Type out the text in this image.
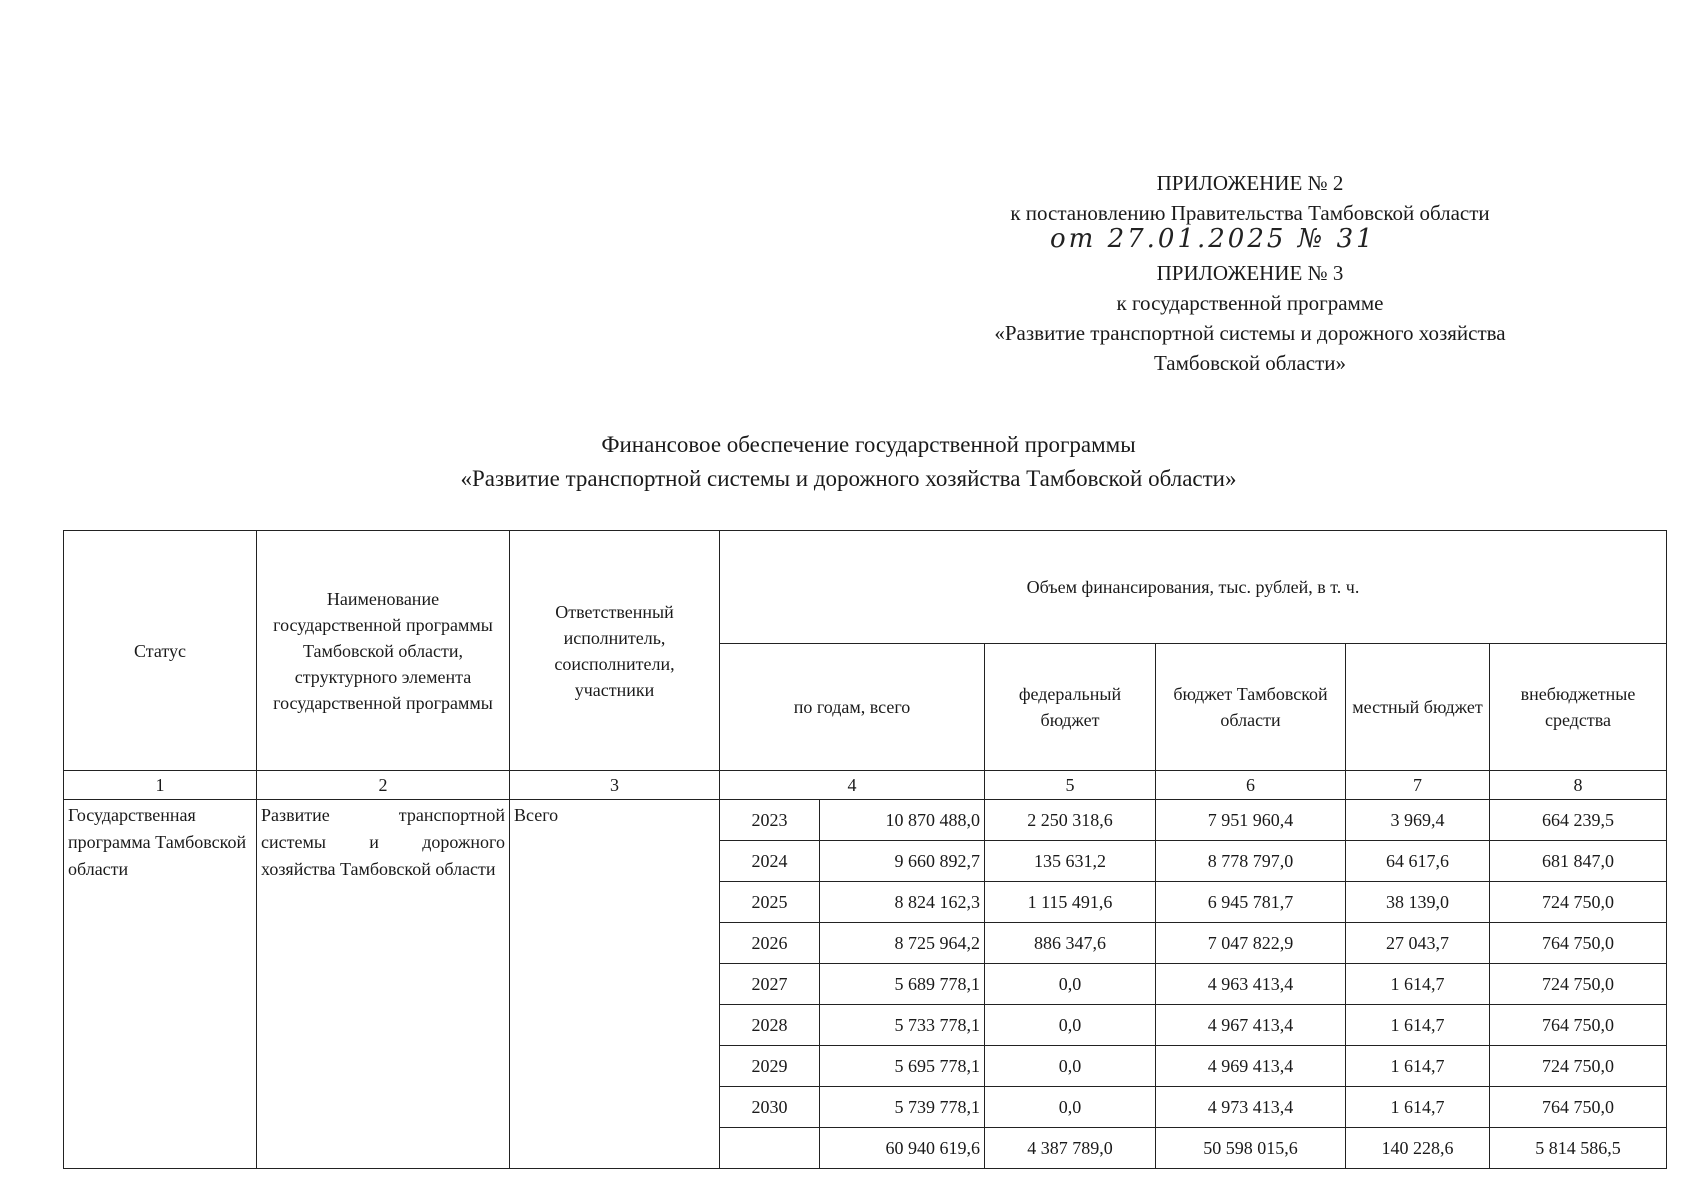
ПРИЛОЖЕНИЕ № 2
к постановлению Правительства Тамбовской области
от 27.01.2025 № 31
ПРИЛОЖЕНИЕ № 3
к государственной программе
«Развитие транспортной системы и дорожного хозяйства
Тамбовской области»
Финансовое обеспечение государственной программы
«Развитие транспортной системы и дорожного хозяйства Тамбовской области»
Статус	Наименование государственной программы Тамбовской области, структурного элемента государственной программы	Ответственный исполнитель, соисполнители, участники	Объем финансирования, тыс. рублей, в т. ч.					
			по годам, всего		федеральный бюджет	бюджет Тамбовской области	местный бюджет	внебюджетные средства
1	2	3	4		5	6	7	8
Государственная программа Тамбовской области	Развитие транспортной системы и дорожного хозяйства Тамбовской области	Всего	2023	10 870 488,0	2 250 318,6	7 951 960,4	3 969,4	664 239,5
			2024	9 660 892,7	135 631,2	8 778 797,0	64 617,6	681 847,0
			2025	8 824 162,3	1 115 491,6	6 945 781,7	38 139,0	724 750,0
			2026	8 725 964,2	886 347,6	7 047 822,9	27 043,7	764 750,0
			2027	5 689 778,1	0,0	4 963 413,4	1 614,7	724 750,0
			2028	5 733 778,1	0,0	4 967 413,4	1 614,7	764 750,0
			2029	5 695 778,1	0,0	4 969 413,4	1 614,7	724 750,0
			2030	5 739 778,1	0,0	4 973 413,4	1 614,7	764 750,0
				60 940 619,6	4 387 789,0	50 598 015,6	140 228,6	5 814 586,5
